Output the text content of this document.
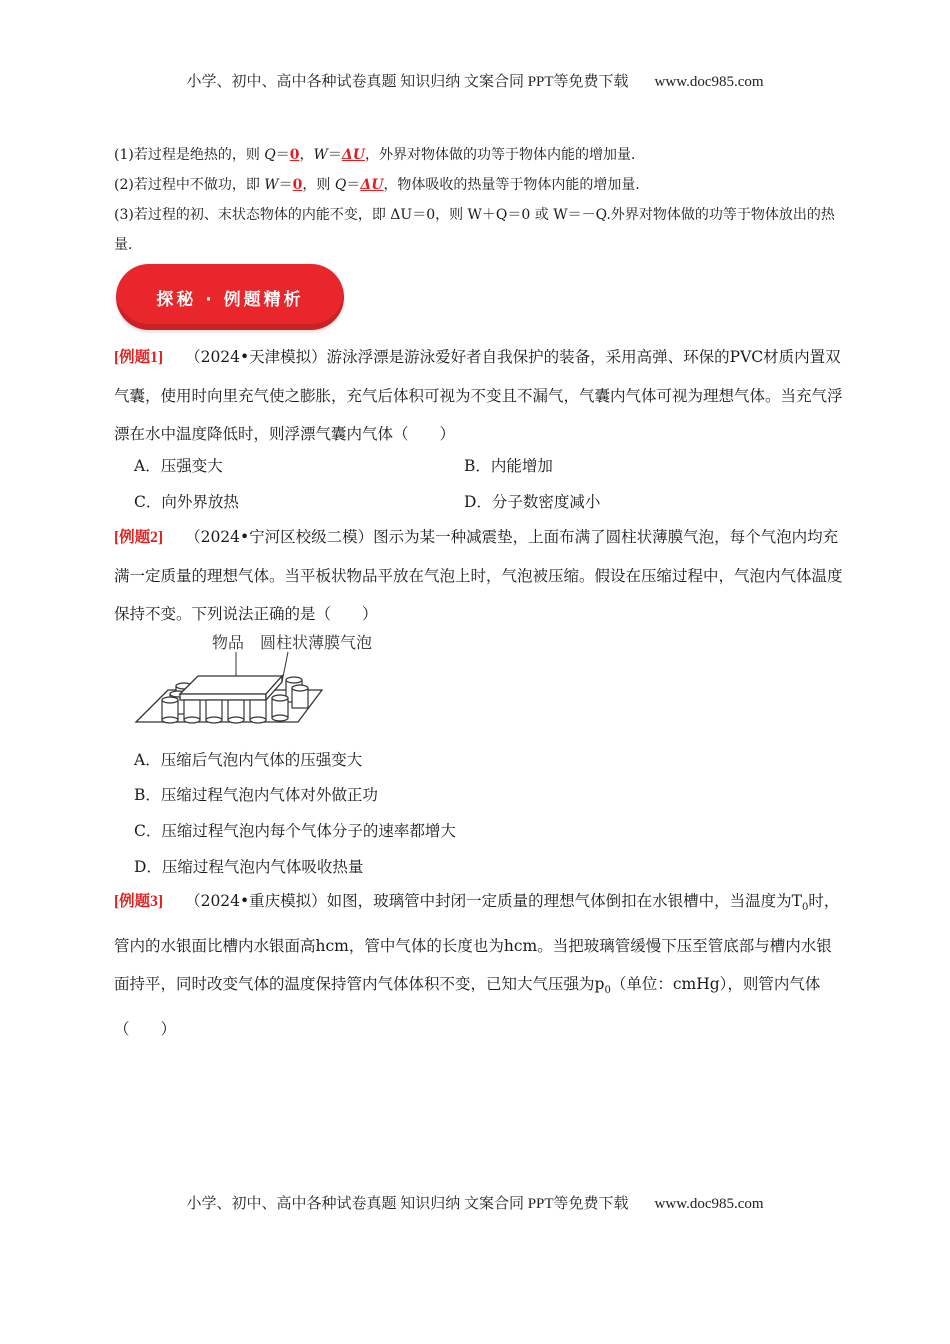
小学、初中、高中各种试卷真题 知识归纳 文案合同 PPT等免费下载 www.doc985.com

(1)若过程是绝热的，则 Q＝0，W＝ΔU，外界对物体做的功等于物体内能的增加量．

(2)若过程中不做功，即 W＝0，则 Q＝ΔU，物体吸收的热量等于物体内能的增加量．

(3)若过程的初、末状态物体的内能不变，即 ΔU＝0，则 W＋Q＝0 或 W＝－Q.外界对物体做的功等于物体放出的热量．

探秘 · 例题精析

[例题1] （2024•天津模拟）游泳浮漂是游泳爱好者自我保护的装备，采用高弹、环保的PVC材质内置双气囊，使用时向里充气使之膨胀，充气后体积可视为不变且不漏气，气囊内气体可视为理想气体。当充气浮漂在水中温度降低时，则浮漂气囊内气体（　　）

A．压强变大	B．内能增加
C．向外界放热	D．分子数密度减小

[例题2] （2024•宁河区校级二模）图示为某一种减震垫，上面布满了圆柱状薄膜气泡，每个气泡内均充满一定质量的理想气体。当平板状物品平放在气泡上时，气泡被压缩。假设在压缩过程中，气泡内气体温度保持不变。下列说法正确的是（　　）

物品 圆柱状薄膜气泡
A．压缩后气泡内气体的压强变大
B．压缩过程气泡内气体对外做正功
C．压缩过程气泡内每个气体分子的速率都增大
D．压缩过程气泡内气体吸收热量

[例题3] （2024•重庆模拟）如图，玻璃管中封闭一定质量的理想气体倒扣在水银槽中，当温度为$T_0$时，管内的水银面比槽内水银面高hcm，管中气体的长度也为hcm。当把玻璃管缓慢下压至管底部与槽内水银面持平，同时改变气体的温度保持管内气体体积不变，已知大气压强为$p_0$（单位：cmHg），则管内气体（　　）

小学、初中、高中各种试卷真题 知识归纳 文案合同 PPT等免费下载 www.doc985.com
